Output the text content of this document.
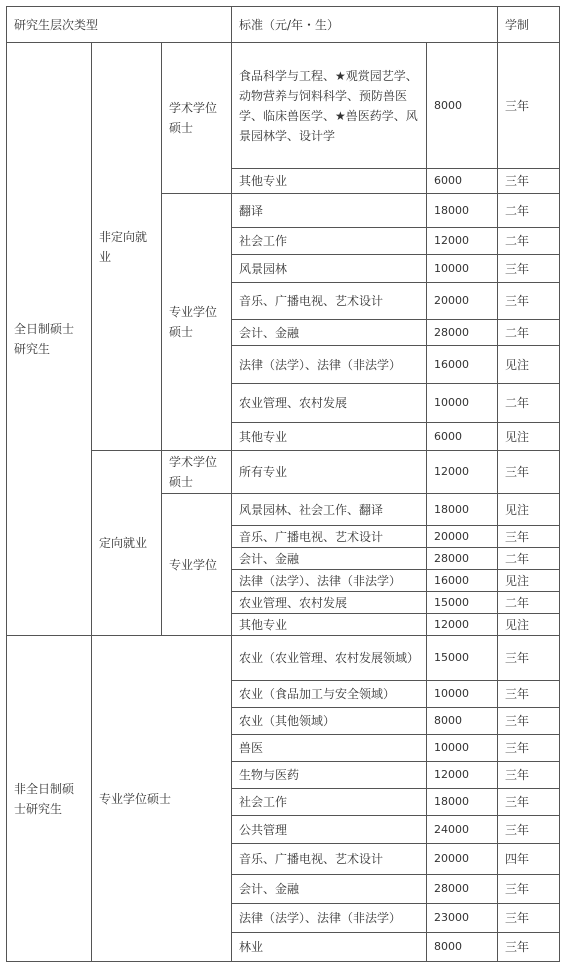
研究生层次类型			标准（元/年・生）		学制
全日制硕士研究生	非定向就业	学术学位硕士	食品科学与工程、★观赏园艺学、动物营养与饲料科学、预防兽医学、临床兽医学、★兽医药学、风景园林学、设计学	8000	三年
			其他专业	6000	三年
		专业学位硕士	翻译	18000	二年
			社会工作	12000	二年
			风景园林	10000	三年
			音乐、广播电视、艺术设计	20000	三年
			会计、金融	28000	二年
			法律（法学）、法律（非法学）	16000	见注
			农业管理、农村发展	10000	二年
			其他专业	6000	见注
	定向就业	学术学位硕士	所有专业	12000	三年
		专业学位	风景园林、社会工作、翻译	18000	见注
			音乐、广播电视、艺术设计	20000	三年
			会计、金融	28000	二年
			法律（法学）、法律（非法学）	16000	见注
			农业管理、农村发展	15000	二年
			其他专业	12000	见注
非全日制硕士研究生	专业学位硕士		农业（农业管理、农村发展领域）	15000	三年
			农业（食品加工与安全领域）	10000	三年
			农业（其他领域）	8000	三年
			兽医	10000	三年
			生物与医药	12000	三年
			社会工作	18000	三年
			公共管理	24000	三年
			音乐、广播电视、艺术设计	20000	四年
			会计、金融	28000	三年
			法律（法学）、法律（非法学）	23000	三年
			林业	8000	三年
